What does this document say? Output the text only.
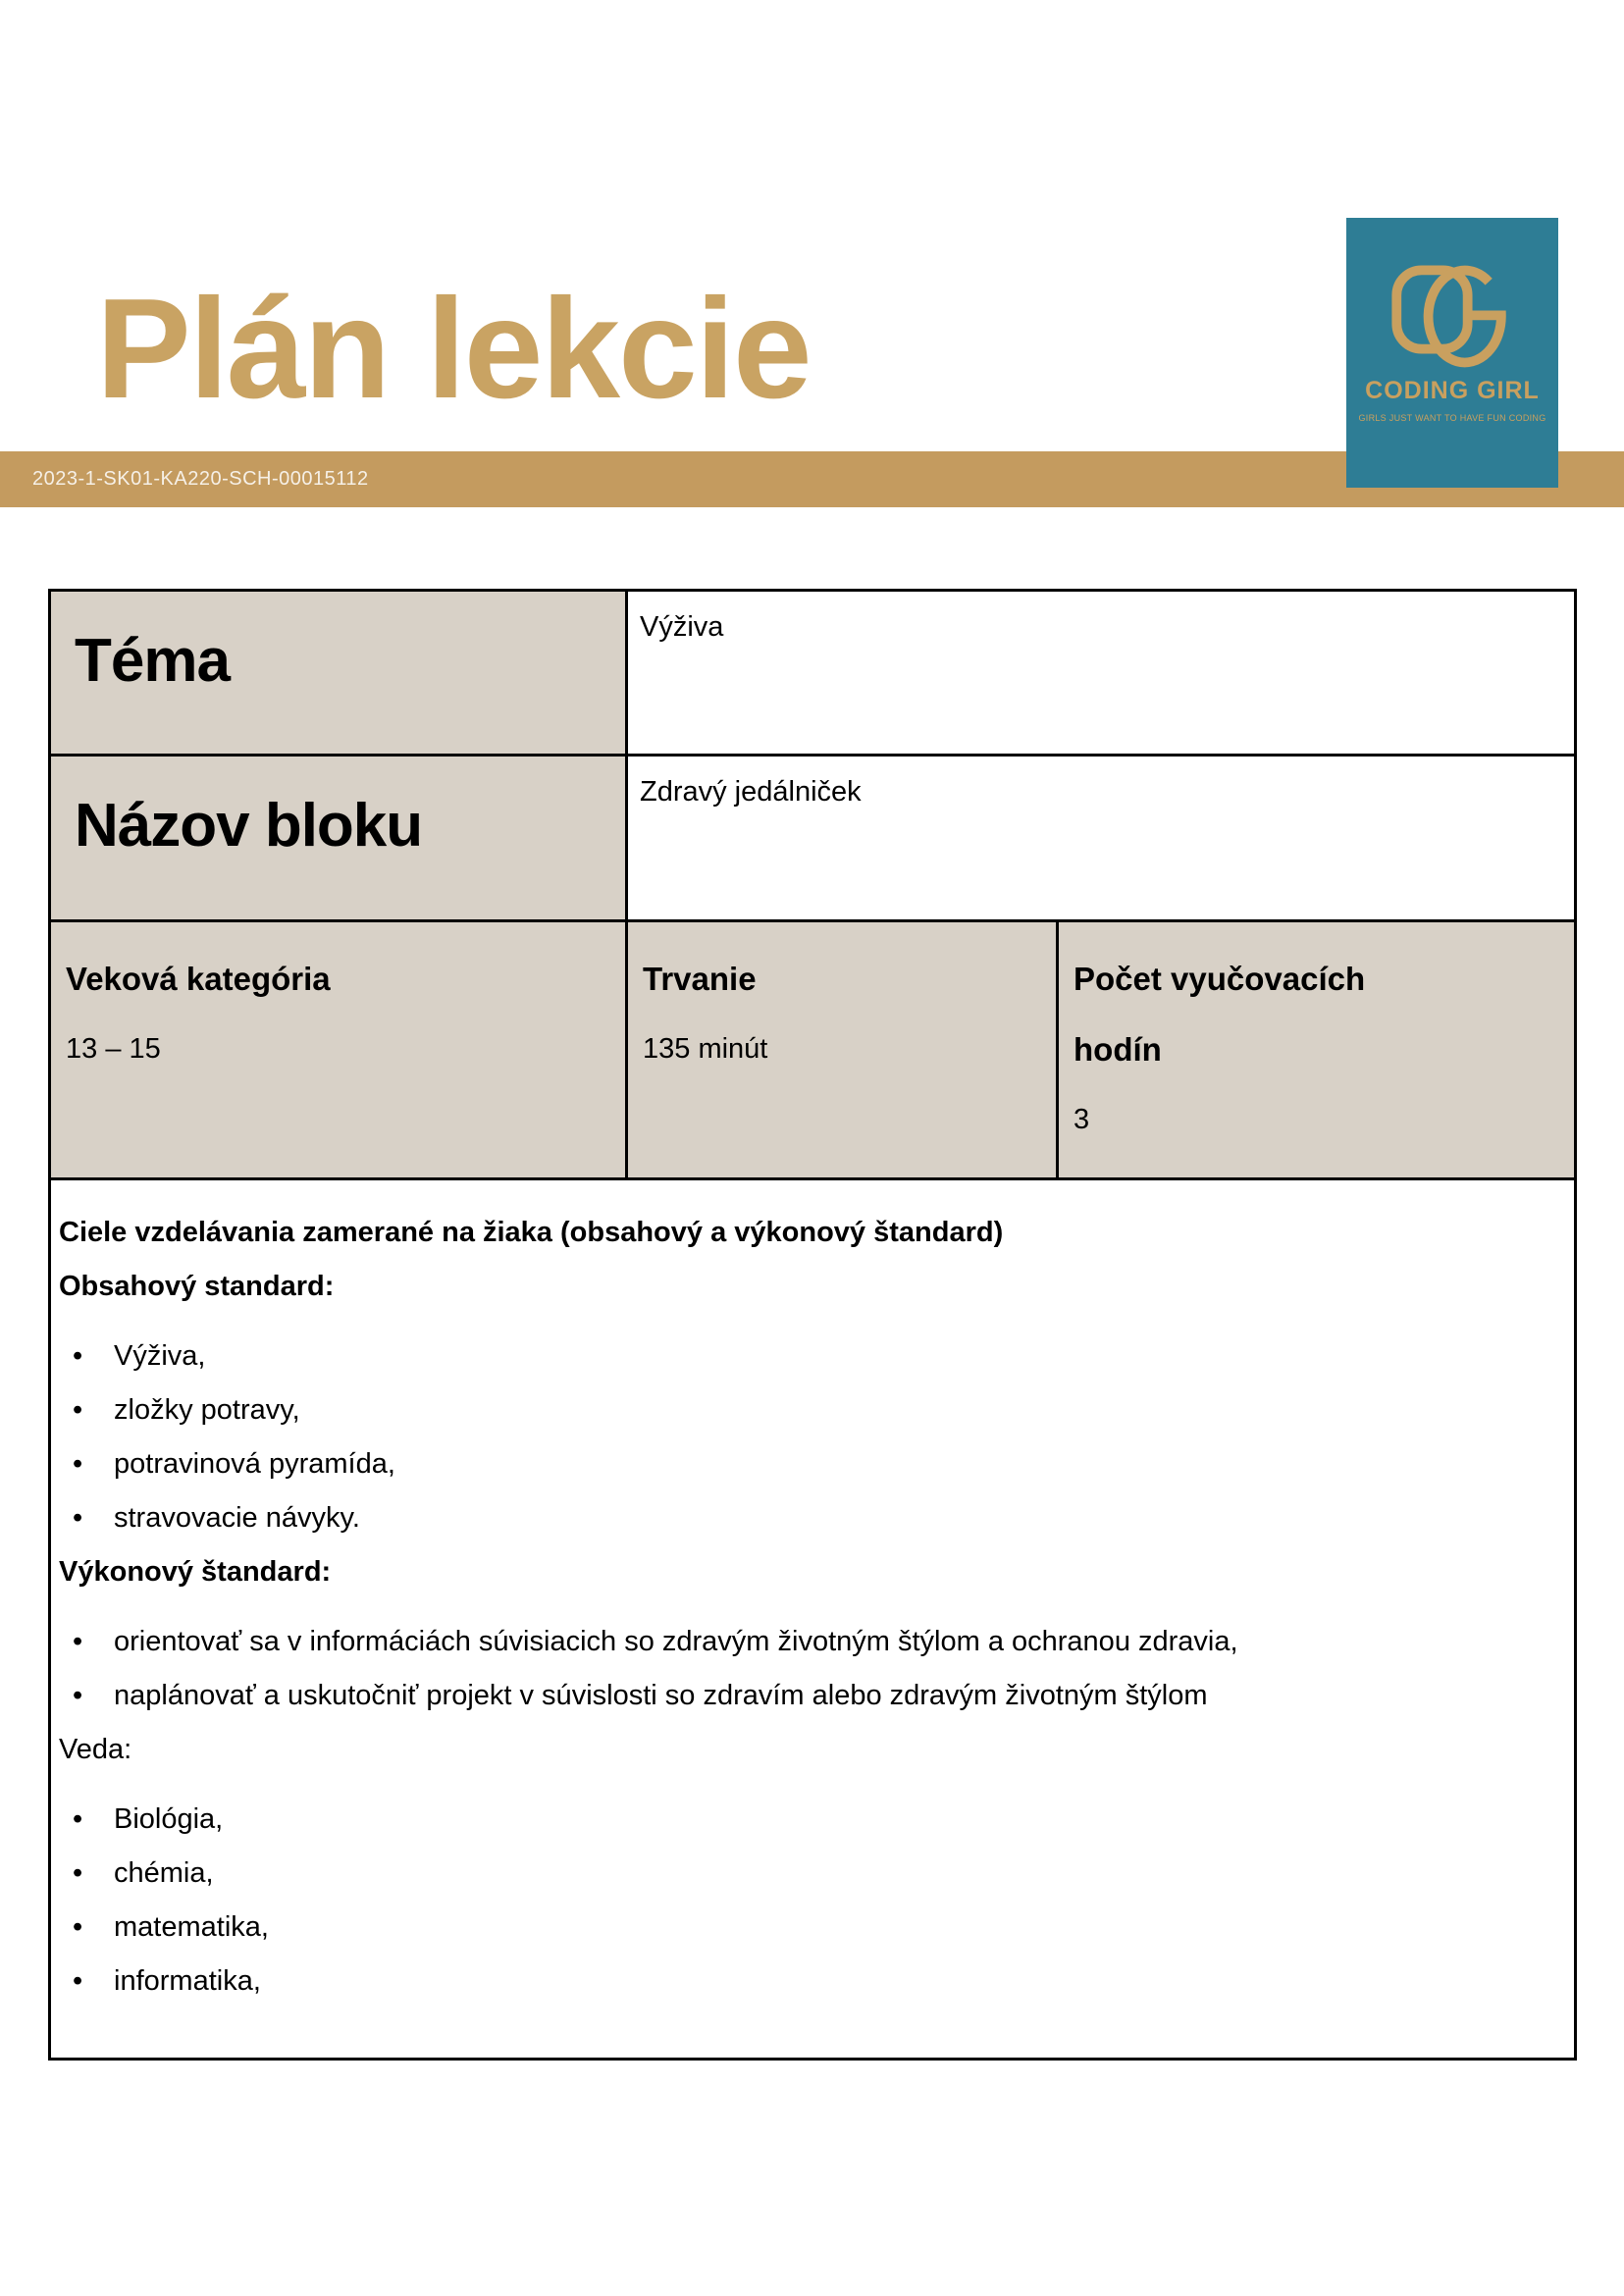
Plán lekcie
2023-1-SK01-KA220-SCH-00015112
CODING GIRL
GIRLS JUST WANT TO HAVE FUN CODING
Téma	Výživa
Názov bloku	Zdravý jedálniček
Veková kategória
13 – 15
Trvanie
135 minút
Počet vyučovacích hodín
3

Ciele vzdelávania zamerané na žiaka (obsahový a výkonový štandard)

Obsahový standard:

• Výživa,
• zložky potravy,
• potravinová pyramída,
• stravovacie návyky.

Výkonový štandard:

• orientovať sa v informáciách súvisiacich so zdravým životným štýlom a ochranou zdravia,
• naplánovať a uskutočniť projekt v súvislosti so zdravím alebo zdravým životným štýlom

Veda:

• Biológia,
• chémia,
• matematika,
• informatika,
